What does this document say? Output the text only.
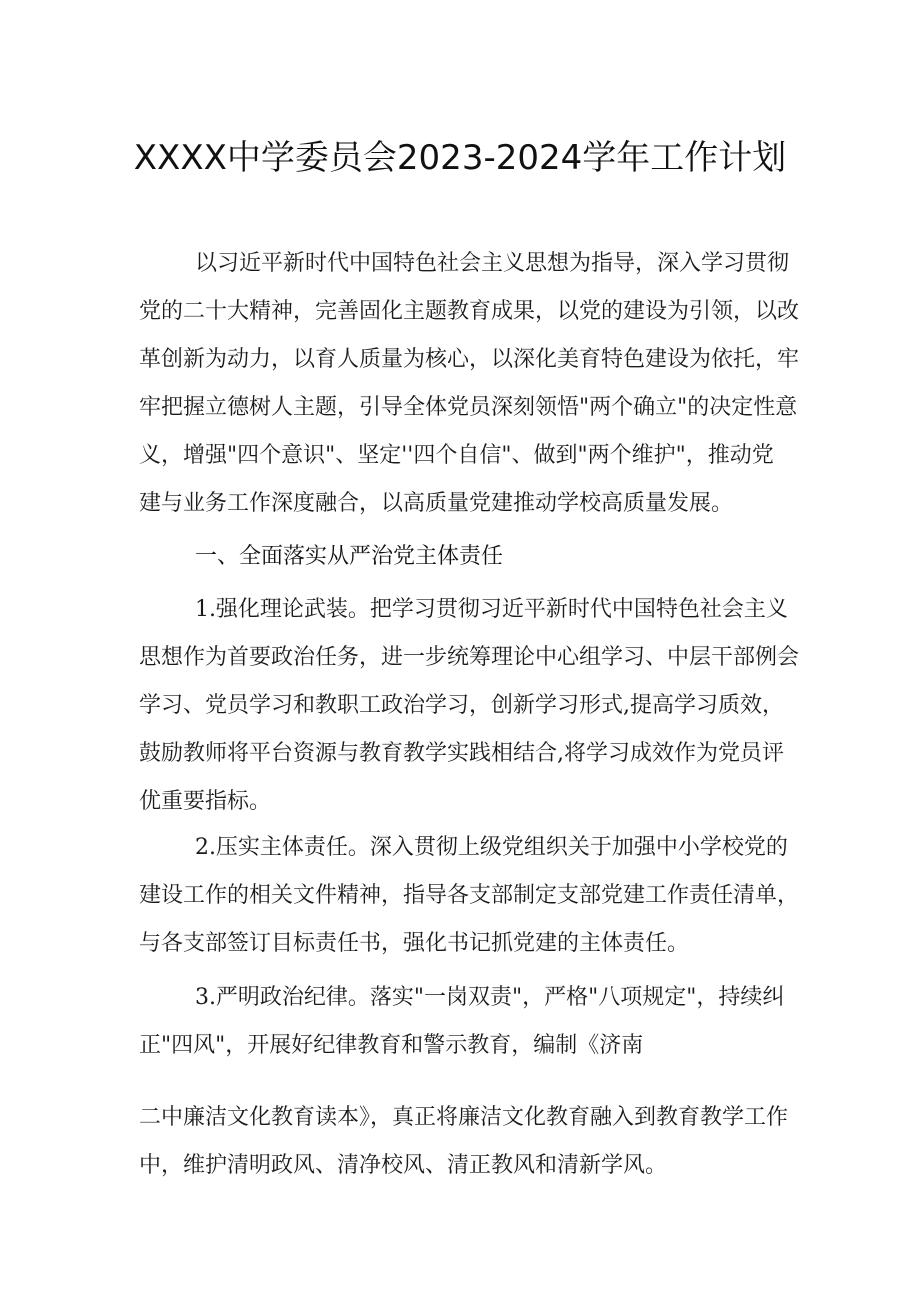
XXXX中学委员会2023-2024学年工作计划
以习近平新时代中国特色社会主义思想为指导，深入学习贯彻
党的二十大精神，完善固化主题教育成果，以党的建设为引领，以改
革创新为动力，以育人质量为核心，以深化美育特色建设为依托，牢
牢把握立德树人主题，引导全体党员深刻领悟"两个确立"的决定性意
义，增强"四个意识"、坚定''四个自信"、做到"两个维护"，推动党
建与业务工作深度融合，以高质量党建推动学校高质量发展。
一、全面落实从严治党主体责任
1.强化理论武装。把学习贯彻习近平新时代中国特色社会主义
思想作为首要政治任务，进一步统筹理论中心组学习、中层干部例会
学习、党员学习和教职工政治学习，创新学习形式,提高学习质效，
鼓励教师将平台资源与教育教学实践相结合,将学习成效作为党员评
优重要指标。
2.压实主体责任。深入贯彻上级党组织关于加强中小学校党的
建设工作的相关文件精神，指导各支部制定支部党建工作责任清单，
与各支部签订目标责任书，强化书记抓党建的主体责任。
3.严明政治纪律。落实"一岗双责"，严格"八项规定"，持续纠
正"四风"，开展好纪律教育和警示教育，编制《济南
二中廉洁文化教育读本》，真正将廉洁文化教育融入到教育教学工作
中，维护清明政风、清净校风、清正教风和清新学风。
